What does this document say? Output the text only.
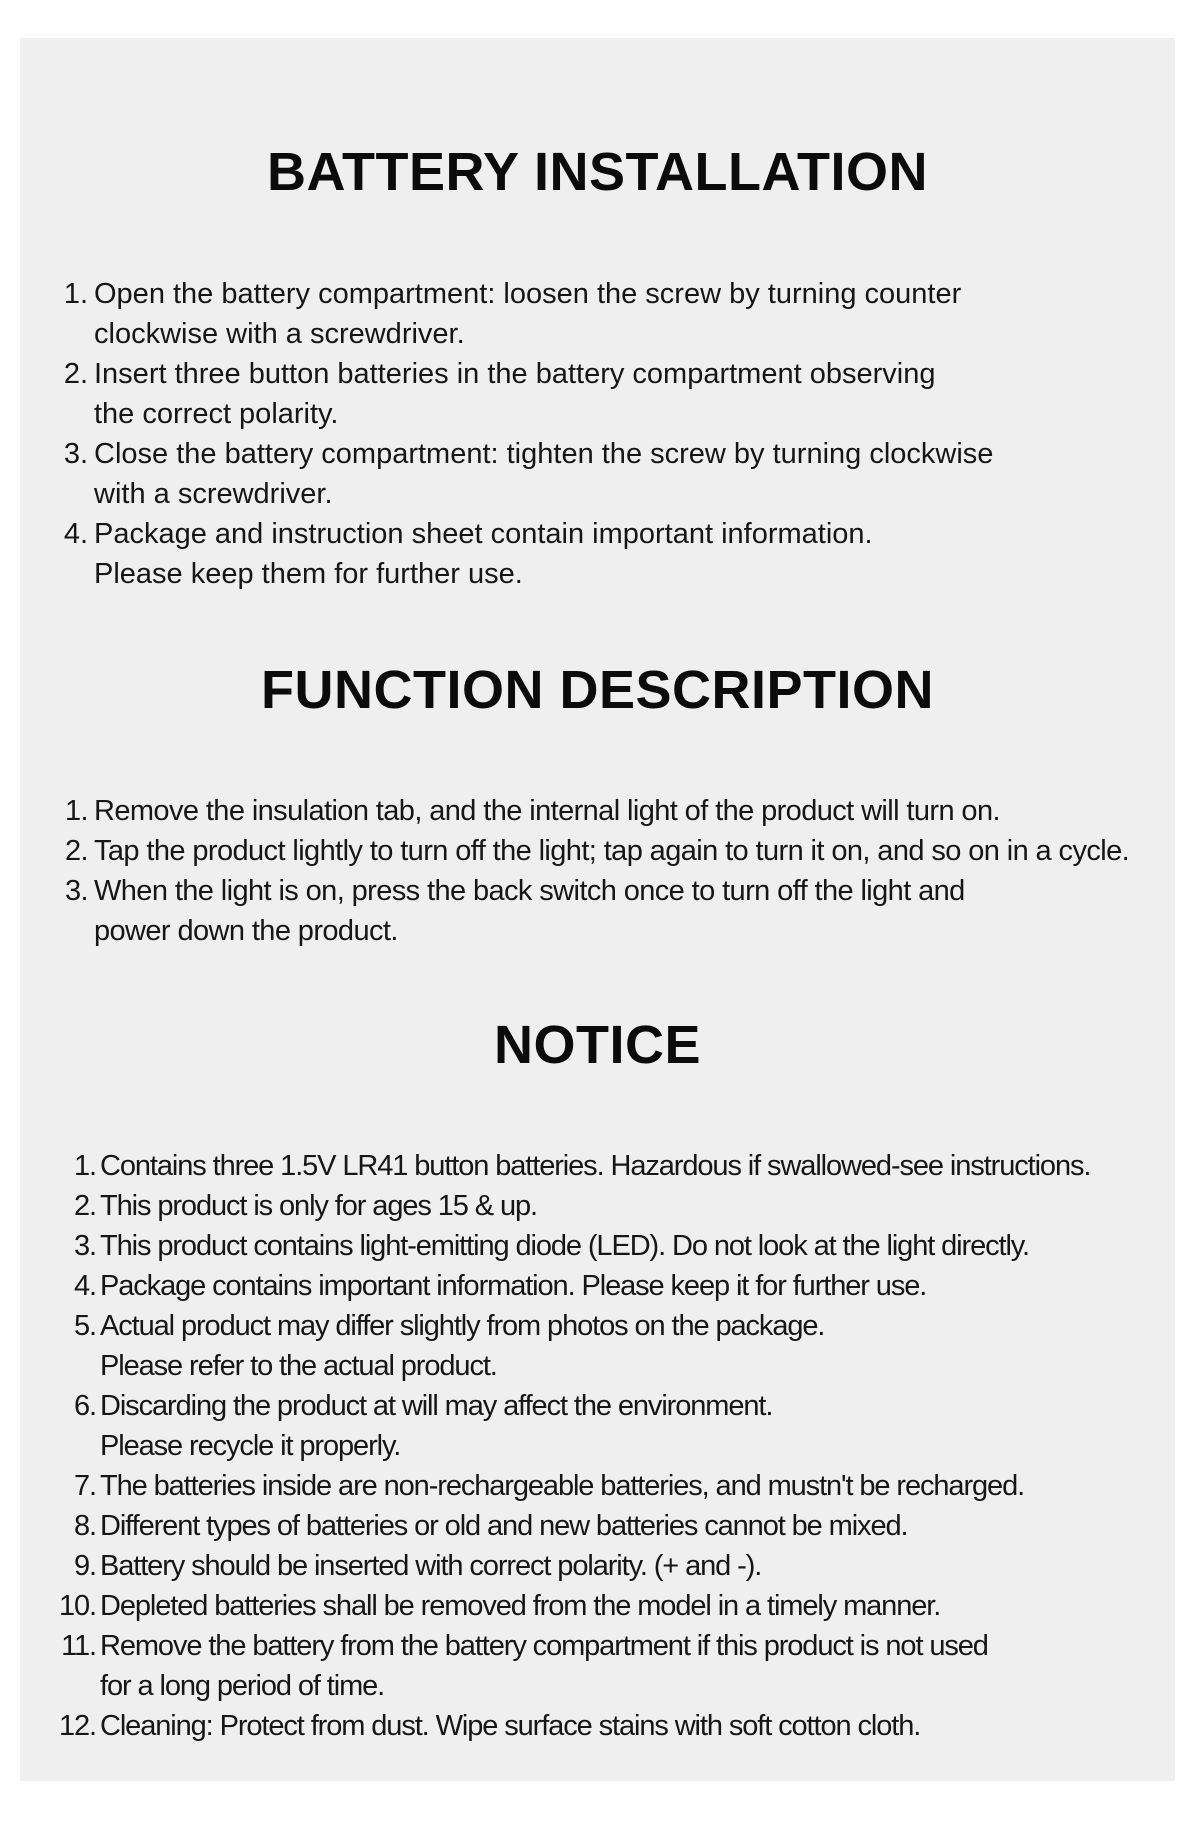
BATTERY INSTALLATION
1. Open the battery compartment: loosen the screw by turning counter
clockwise with a screwdriver.
2. Insert three button batteries in the battery compartment observing
the correct polarity.
3. Close the battery compartment: tighten the screw by turning clockwise
with a screwdriver.
4. Package and instruction sheet contain important information.
Please keep them for further use.
FUNCTION DESCRIPTION
1. Remove the insulation tab, and the internal light of the product will turn on.
2. Tap the product lightly to turn off the light; tap again to turn it on, and so on in a cycle.
3. When the light is on, press the back switch once to turn off the light and
power down the product.
NOTICE
1. Contains three 1.5V LR41 button batteries. Hazardous if swallowed-see instructions.
2. This product is only for ages 15 & up.
3. This product contains light-emitting diode (LED). Do not look at the light directly.
4. Package contains important information. Please keep it for further use.
5. Actual product may differ slightly from photos on the package.
Please refer to the actual product.
6. Discarding the product at will may affect the environment.
Please recycle it properly.
7. The batteries inside are non-rechargeable batteries, and mustn't be recharged.
8. Different types of batteries or old and new batteries cannot be mixed.
9. Battery should be inserted with correct polarity. (+ and -).
10. Depleted batteries shall be removed from the model in a timely manner.
11. Remove the battery from the battery compartment if this product is not used
for a long period of time.
12. Cleaning: Protect from dust. Wipe surface stains with soft cotton cloth.
